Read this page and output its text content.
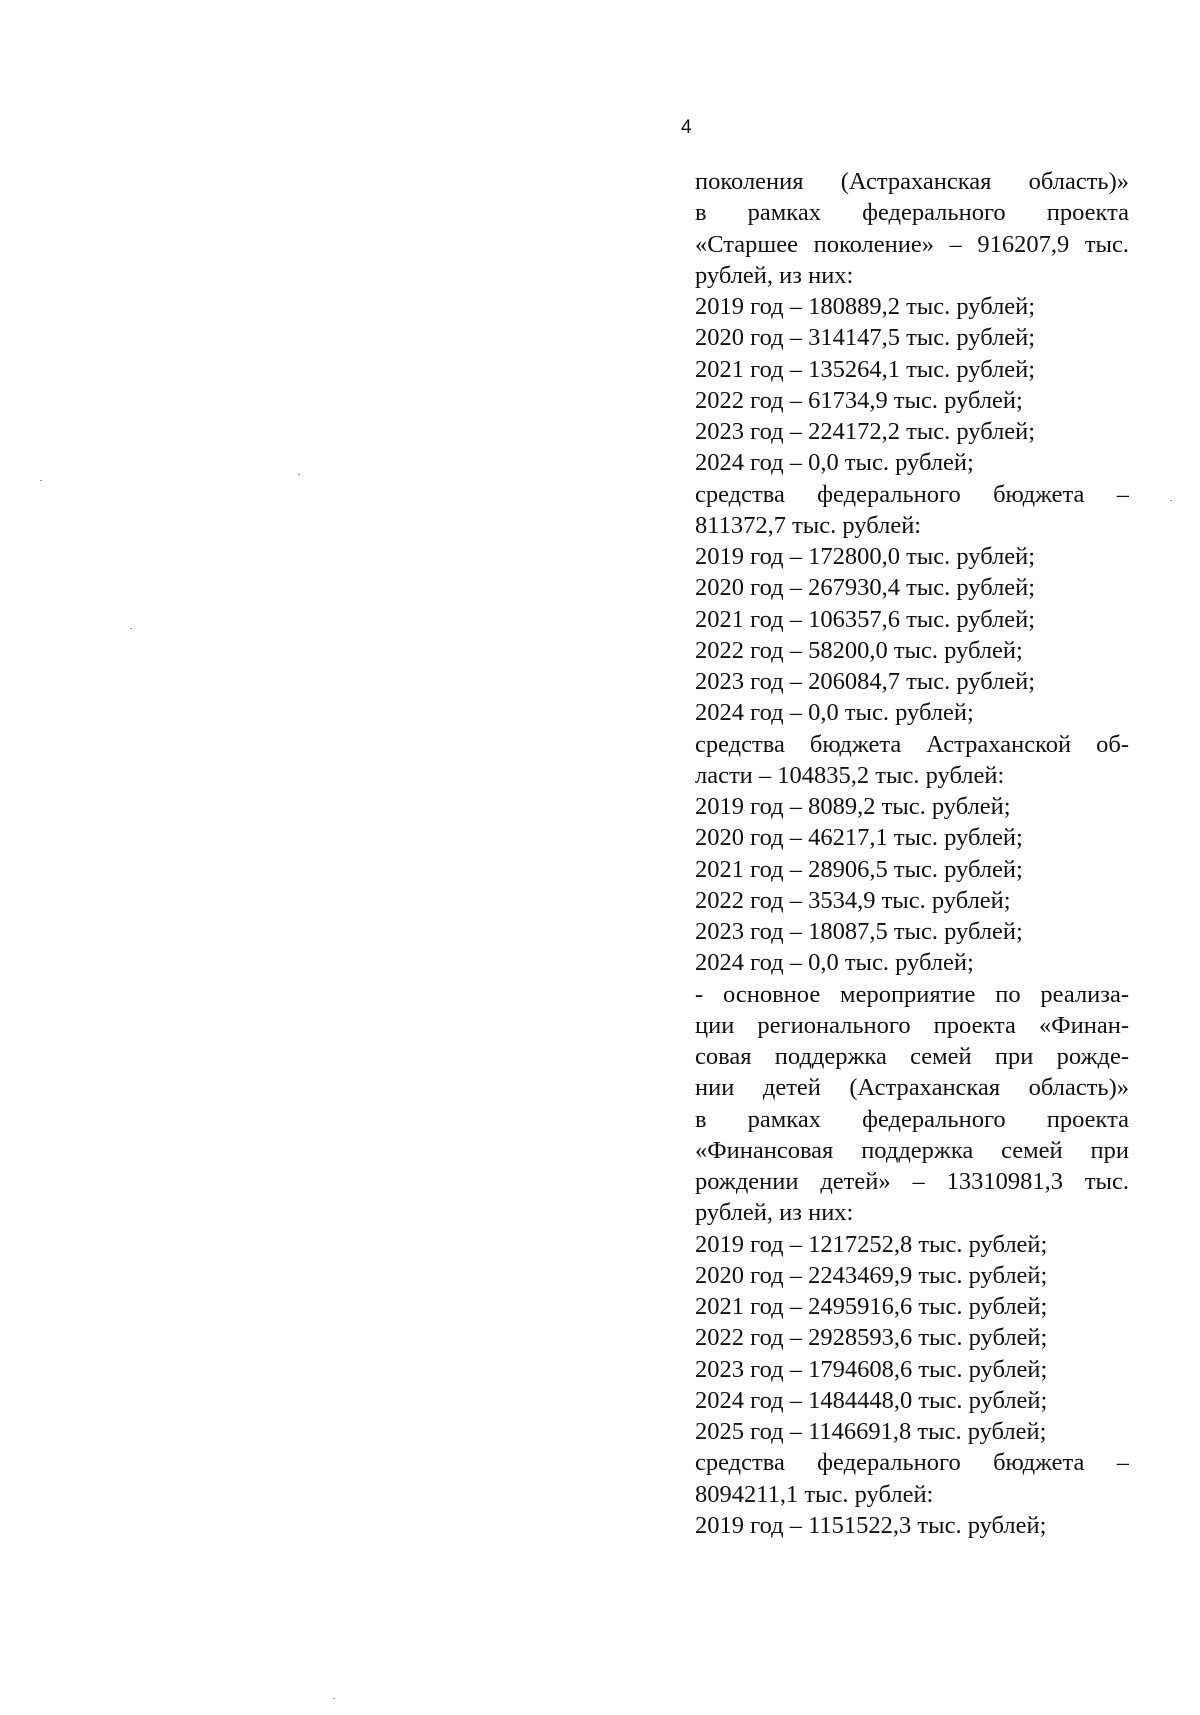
4
поколения (Астраханская область)»
в рамках федерального проекта
«Старшее поколение» – 916207,9 тыс.
рублей, из них:
2019 год – 180889,2 тыс. рублей;
2020 год – 314147,5 тыс. рублей;
2021 год – 135264,1 тыс. рублей;
2022 год – 61734,9 тыс. рублей;
2023 год – 224172,2 тыс. рублей;
2024 год – 0,0 тыс. рублей;
средства федерального бюджета –
811372,7 тыс. рублей:
2019 год – 172800,0 тыс. рублей;
2020 год – 267930,4 тыс. рублей;
2021 год – 106357,6 тыс. рублей;
2022 год – 58200,0 тыс. рублей;
2023 год – 206084,7 тыс. рублей;
2024 год – 0,0 тыс. рублей;
средства бюджета Астраханской об-
ласти – 104835,2 тыс. рублей:
2019 год – 8089,2 тыс. рублей;
2020 год – 46217,1 тыс. рублей;
2021 год – 28906,5 тыс. рублей;
2022 год – 3534,9 тыс. рублей;
2023 год – 18087,5 тыс. рублей;
2024 год – 0,0 тыс. рублей;
- основное мероприятие по реализа-
ции регионального проекта «Финан-
совая поддержка семей при рожде-
нии детей (Астраханская область)»
в рамках федерального проекта
«Финансовая поддержка семей при
рождении детей» – 13310981,3 тыс.
рублей, из них:
2019 год – 1217252,8 тыс. рублей;
2020 год – 2243469,9 тыс. рублей;
2021 год – 2495916,6 тыс. рублей;
2022 год – 2928593,6 тыс. рублей;
2023 год – 1794608,6 тыс. рублей;
2024 год – 1484448,0 тыс. рублей;
2025 год – 1146691,8 тыс. рублей;
средства федерального бюджета –
8094211,1 тыс. рублей:
2019 год – 1151522,3 тыс. рублей;
